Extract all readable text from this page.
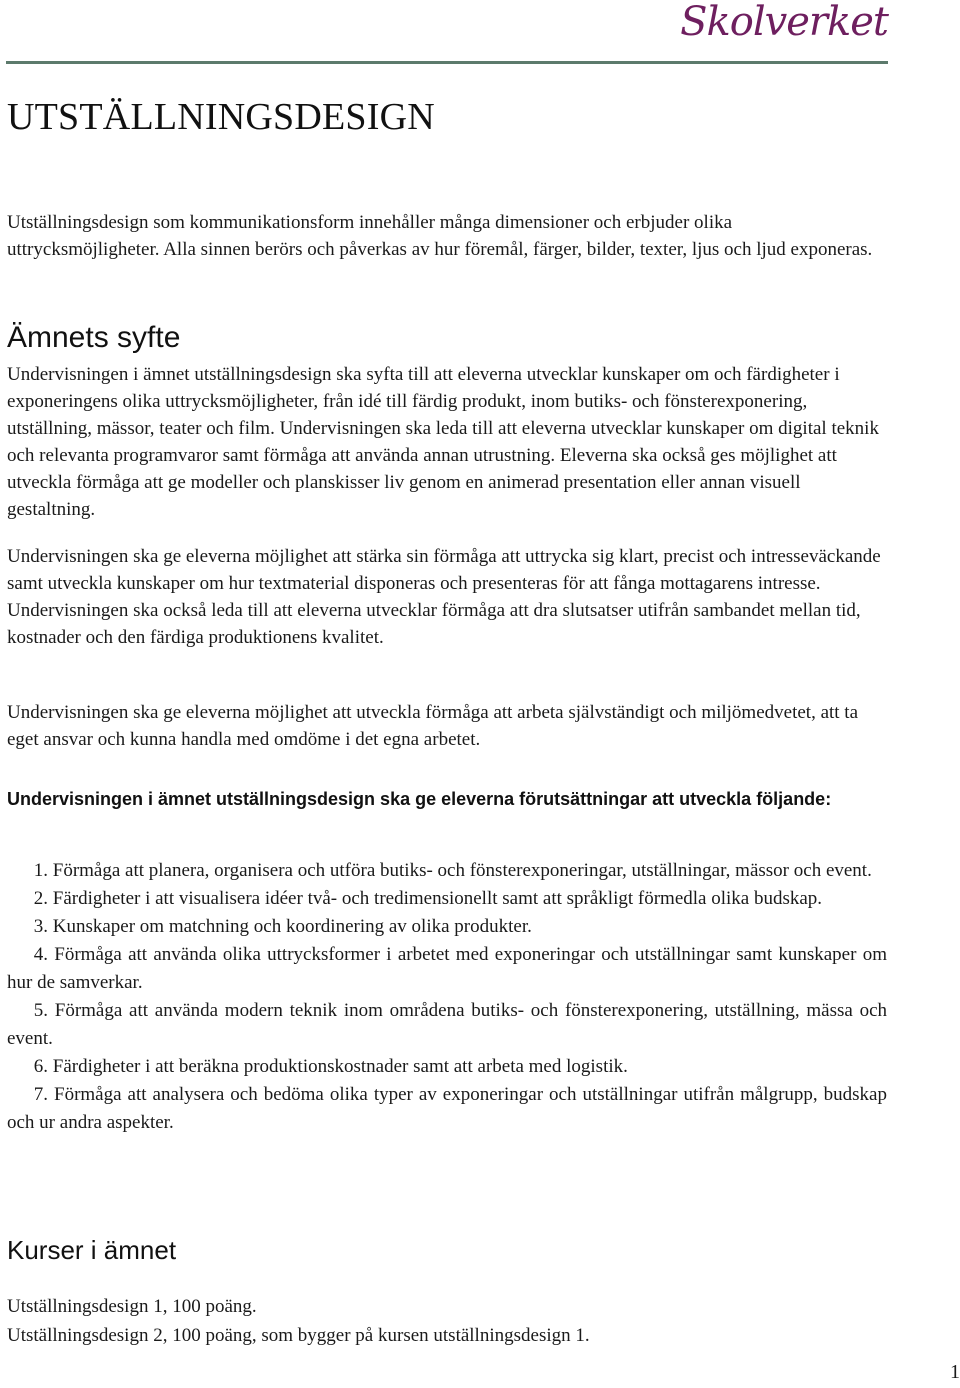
Skolverket
UTSTÄLLNINGSDESIGN

Utställningsdesign som kommunikationsform innehåller många dimensioner och erbjuder olika uttrycksmöjligheter. Alla sinnen berörs och påverkas av hur föremål, färger, bilder, texter, ljus och ljud exponeras.

Ämnets syfte

Undervisningen i ämnet utställningsdesign ska syfta till att eleverna utvecklar kunskaper om och färdigheter i exponeringens olika uttrycksmöjligheter, från idé till färdig produkt, inom butiks- och fönsterexponering, utställning, mässor, teater och film. Undervisningen ska leda till att eleverna utvecklar kunskaper om digital teknik och relevanta programvaror samt förmåga att använda annan utrustning. Eleverna ska också ges möjlighet att utveckla förmåga att ge modeller och planskisser liv genom en animerad presentation eller annan visuell gestaltning.

Undervisningen ska ge eleverna möjlighet att stärka sin förmåga att uttrycka sig klart, precist och intresseväckande samt utveckla kunskaper om hur textmaterial disponeras och presenteras för att fånga mottagarens intresse. Undervisningen ska också leda till att eleverna utvecklar förmåga att dra slutsatser utifrån sambandet mellan tid, kostnader och den färdiga produktionens kvalitet.

Undervisningen ska ge eleverna möjlighet att utveckla förmåga att arbeta självständigt och miljömedvetet, att ta eget ansvar och kunna handla med omdöme i det egna arbetet.

Undervisningen i ämnet utställningsdesign ska ge eleverna förutsättningar att utveckla följande:

1. Förmåga att planera, organisera och utföra butiks- och fönsterexponeringar, utställningar, mässor och event.
2. Färdigheter i att visualisera idéer två- och tredimensionellt samt att språkligt förmedla olika budskap.
3. Kunskaper om matchning och koordinering av olika produkter.
4. Förmåga att använda olika uttrycksformer i arbetet med exponeringar och utställningar samt kunskaper om hur de samverkar.
5. Förmåga att använda modern teknik inom områdena butiks- och fönsterexponering, utställning, mässa och event.
6. Färdigheter i att beräkna produktionskostnader samt att arbeta med logistik.
7. Förmåga att analysera och bedöma olika typer av exponeringar och utställningar utifrån målgrupp, budskap och ur andra aspekter.
Kurser i ämnet
Utställningsdesign 1, 100 poäng.
Utställningsdesign 2, 100 poäng, som bygger på kursen utställningsdesign 1.
1
